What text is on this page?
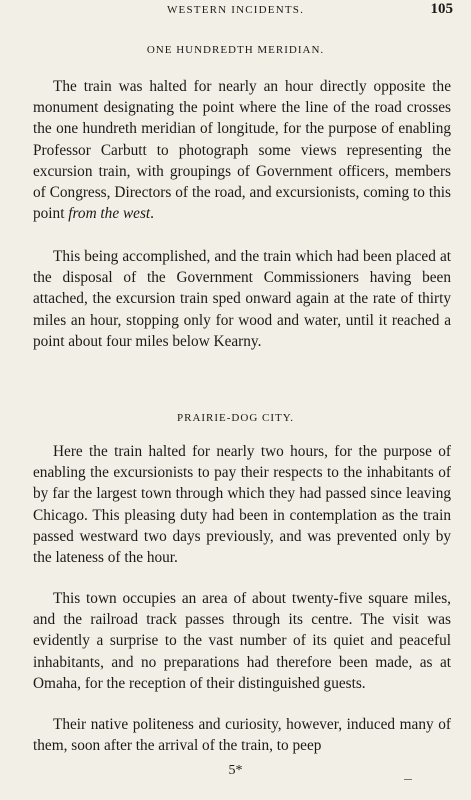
WESTERN INCIDENTS.	105
ONE HUNDREDTH MERIDIAN.

The train was halted for nearly an hour directly opposite the monument designating the point where the line of the road crosses the one hundreth meridian of longitude, for the purpose of enabling Professor Carbutt to photograph some views representing the excursion train, with groupings of Government officers, members of Congress, Directors of the road, and excursionists, coming to this point from the west.

This being accomplished, and the train which had been placed at the disposal of the Government Commissioners having been attached, the excursion train sped onward again at the rate of thirty miles an hour, stopping only for wood and water, until it reached a point about four miles below Kearny.

PRAIRIE-DOG CITY.

Here the train halted for nearly two hours, for the purpose of enabling the excursionists to pay their respects to the inhabitants of by far the largest town through which they had passed since leaving Chicago. This pleasing duty had been in contemplation as the train passed westward two days previously, and was prevented only by the lateness of the hour.

This town occupies an area of about twenty-five square miles, and the railroad track passes through its centre. The visit was evidently a surprise to the vast number of its quiet and peaceful inhabitants, and no preparations had therefore been made, as at Omaha, for the reception of their distinguished guests.

Their native politeness and curiosity, however, induced many of them, soon after the arrival of the train, to peep

5*
